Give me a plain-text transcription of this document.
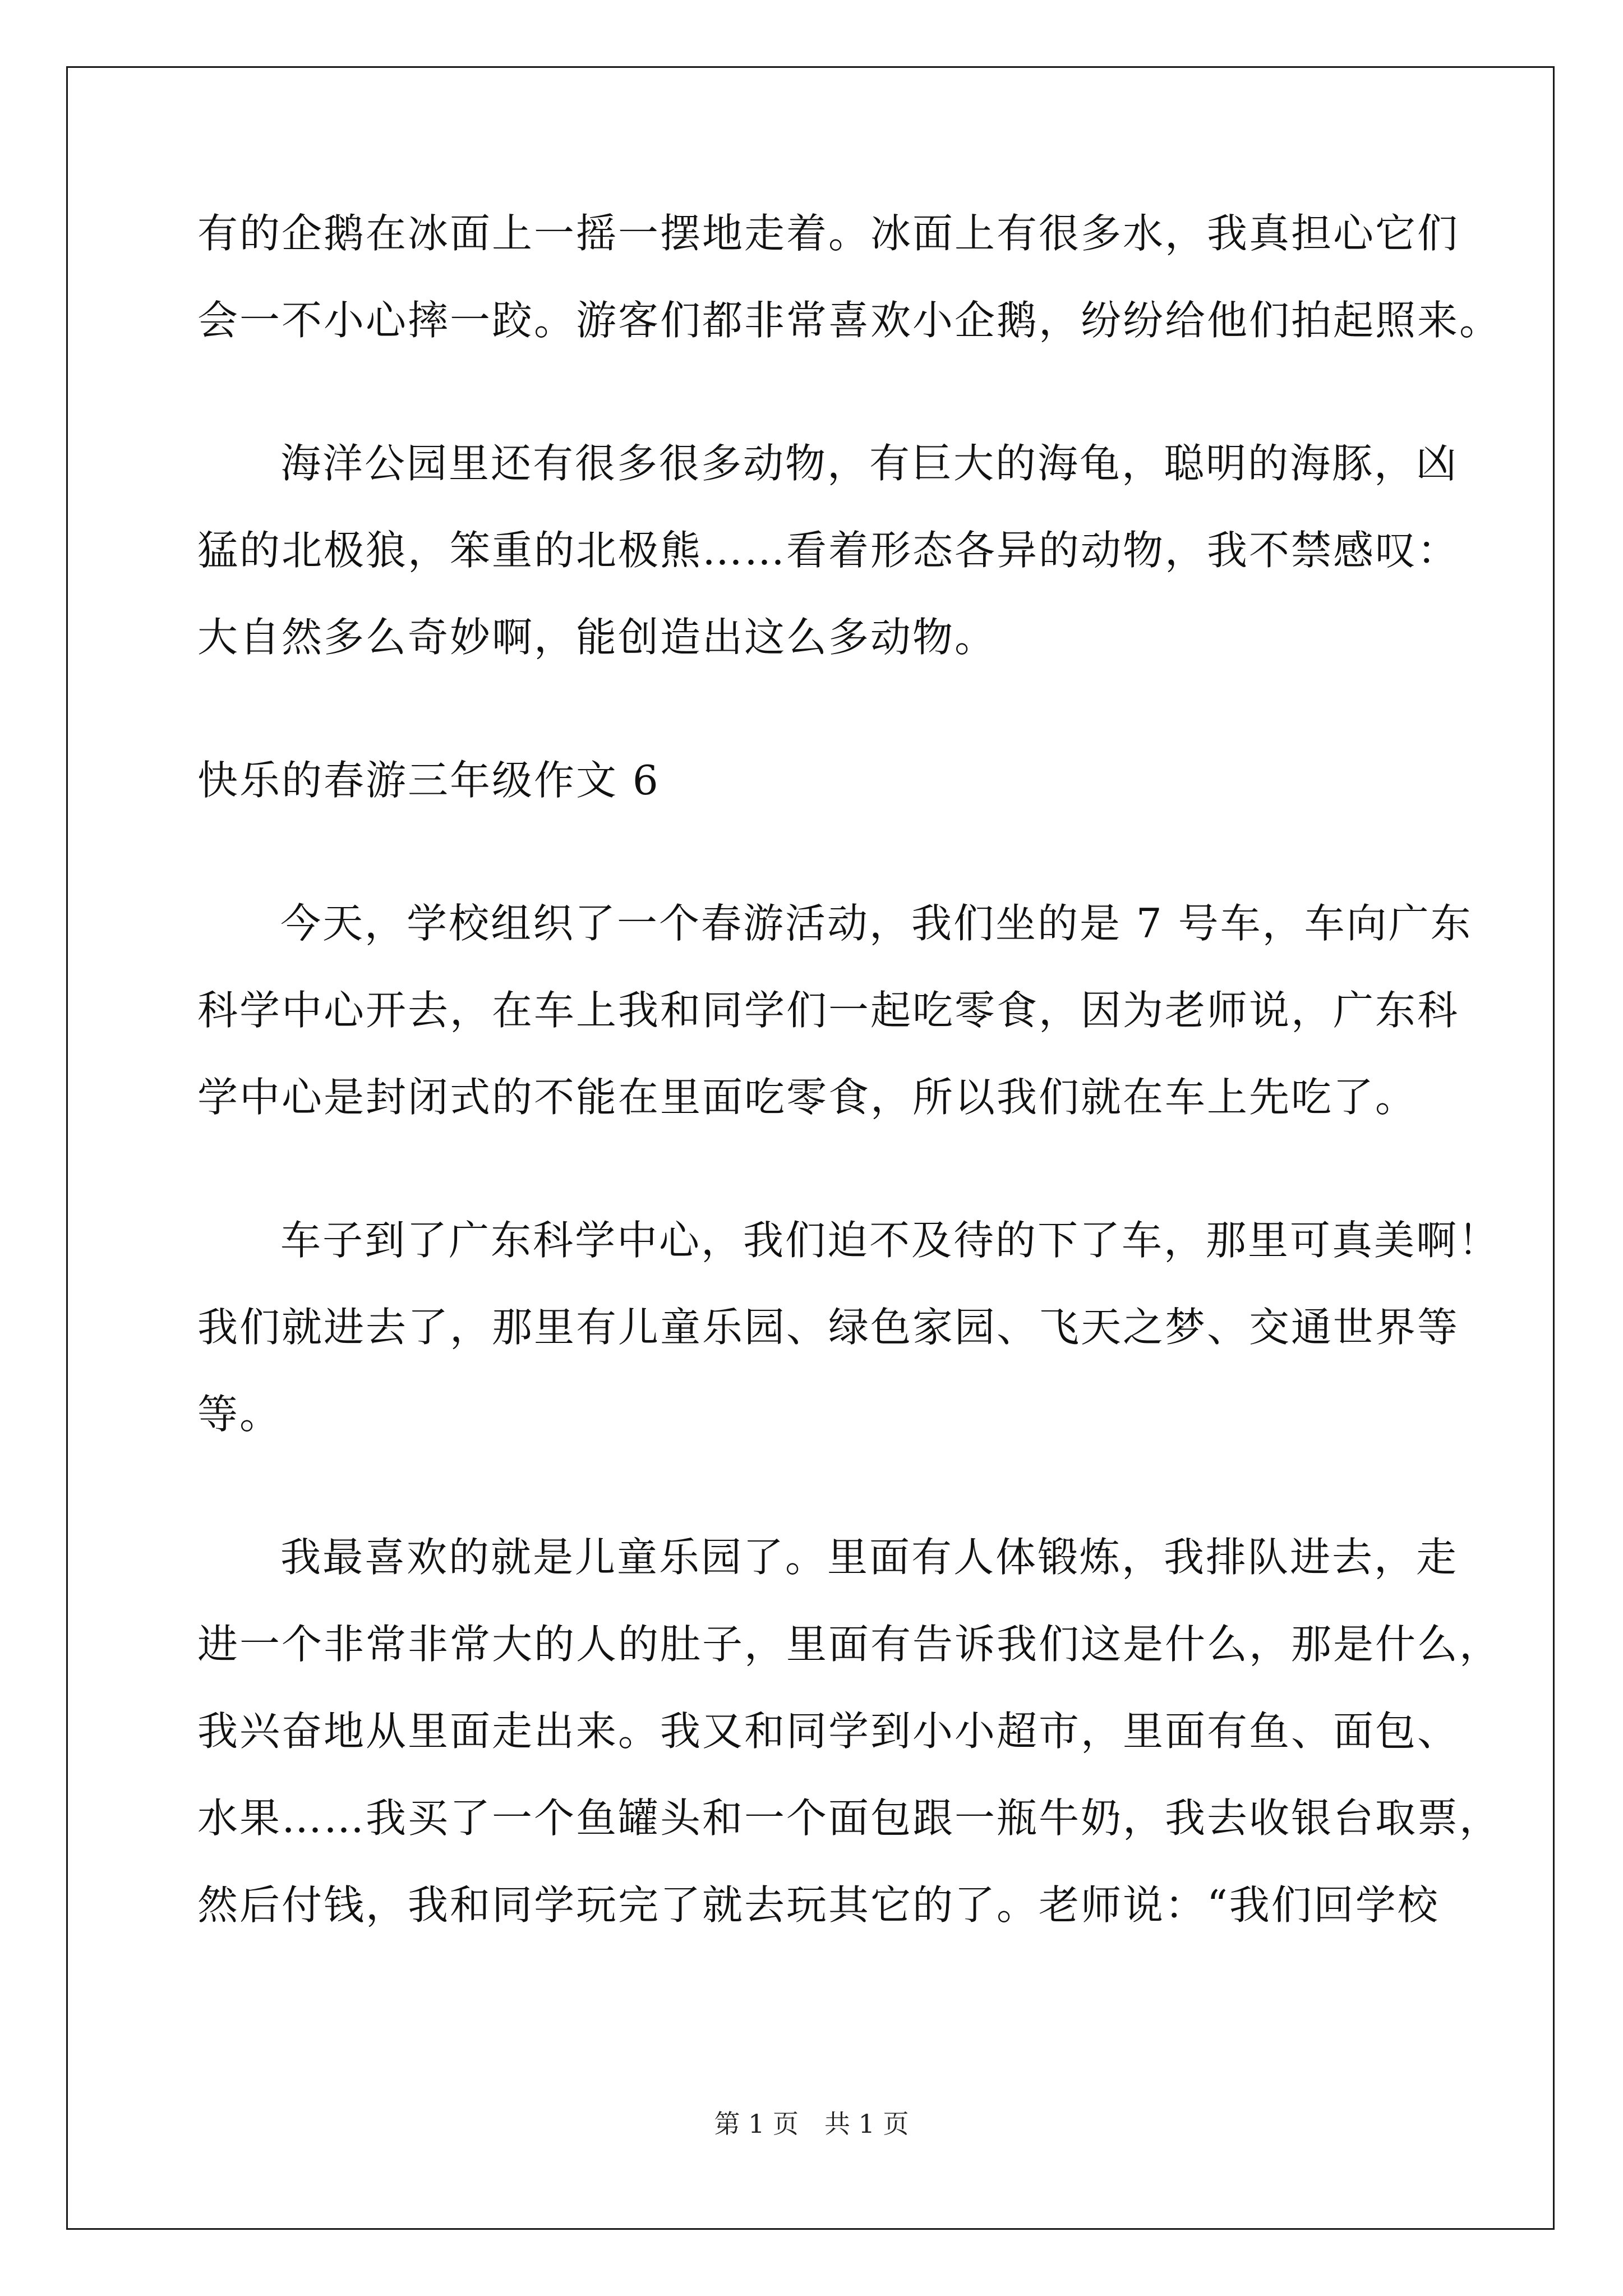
有的企鹅在冰面上一摇一摆地走着。冰面上有很多水，我真担心它们
会一不小心摔一跤。游客们都非常喜欢小企鹅，纷纷给他们拍起照来。
海洋公园里还有很多很多动物，有巨大的海龟，聪明的海豚，凶
猛的北极狼，笨重的北极熊……看着形态各异的动物，我不禁感叹：
大自然多么奇妙啊，能创造出这么多动物。
快乐的春游三年级作文 6
今天，学校组织了一个春游活动，我们坐的是 7 号车，车向广东
科学中心开去，在车上我和同学们一起吃零食，因为老师说，广东科
学中心是封闭式的不能在里面吃零食，所以我们就在车上先吃了。
车子到了广东科学中心，我们迫不及待的下了车，那里可真美啊！
我们就进去了，那里有儿童乐园、绿色家园、飞天之梦、交通世界等
等。
我最喜欢的就是儿童乐园了。里面有人体锻炼，我排队进去，走
进一个非常非常大的人的肚子，里面有告诉我们这是什么，那是什么，
我兴奋地从里面走出来。我又和同学到小小超市，里面有鱼、面包、
水果……我买了一个鱼罐头和一个面包跟一瓶牛奶，我去收银台取票，
然后付钱，我和同学玩完了就去玩其它的了。老师说：“我们回学校
第 1 页 共 1 页
